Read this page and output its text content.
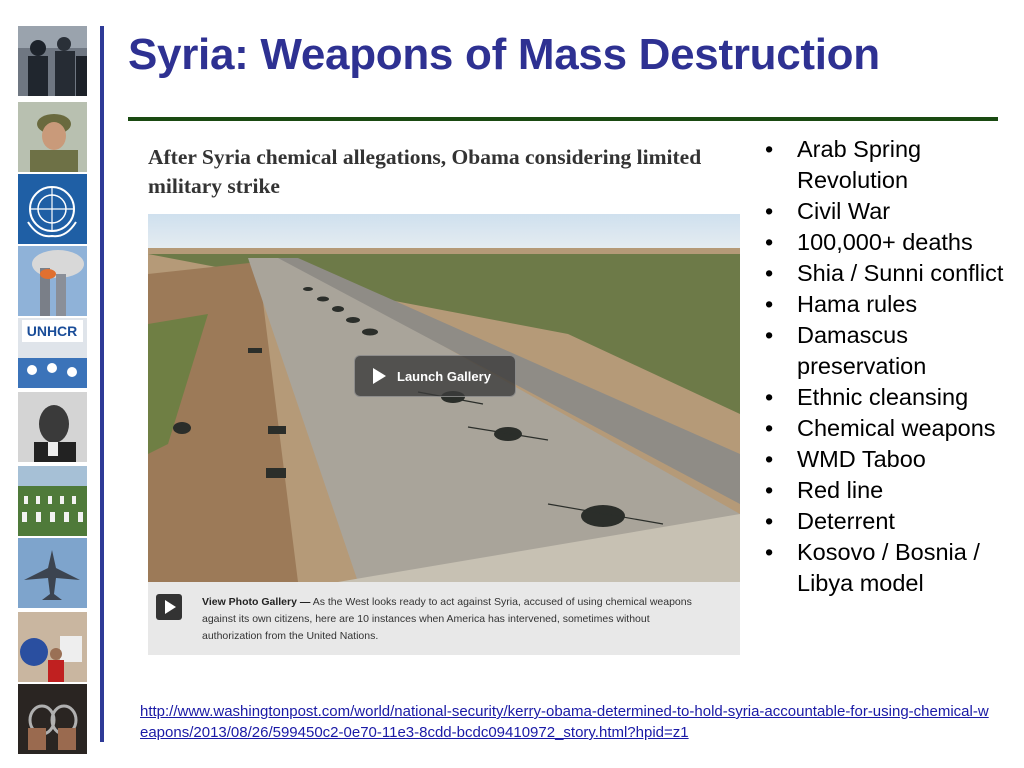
UNHCR
Syria: Weapons of Mass Destruction

After Syria chemical allegations, Obama considering limited military strike

Launch Gallery

View Photo Gallery — As the West looks ready to act against Syria, accused of using chemical weapons against its own citizens, here are 10 instances when America has intervened, sometimes without authorization from the United Nations.

• Arab Spring Revolution
• Civil War
• 100,000+ deaths
• Shia / Sunni conflict
• Hama rules
• Damascus preservation
• Ethnic cleansing
• Chemical weapons
• WMD Taboo
• Red line
• Deterrent
• Kosovo / Bosnia / Libya model

http://www.washingtonpost.com/world/national-security/kerry-obama-determined-to-hold-syria-accountable-for-using-chemical-weapons/2013/08/26/599450c2-0e70-11e3-8cdd-bcdc09410972_story.html?hpid=z1
